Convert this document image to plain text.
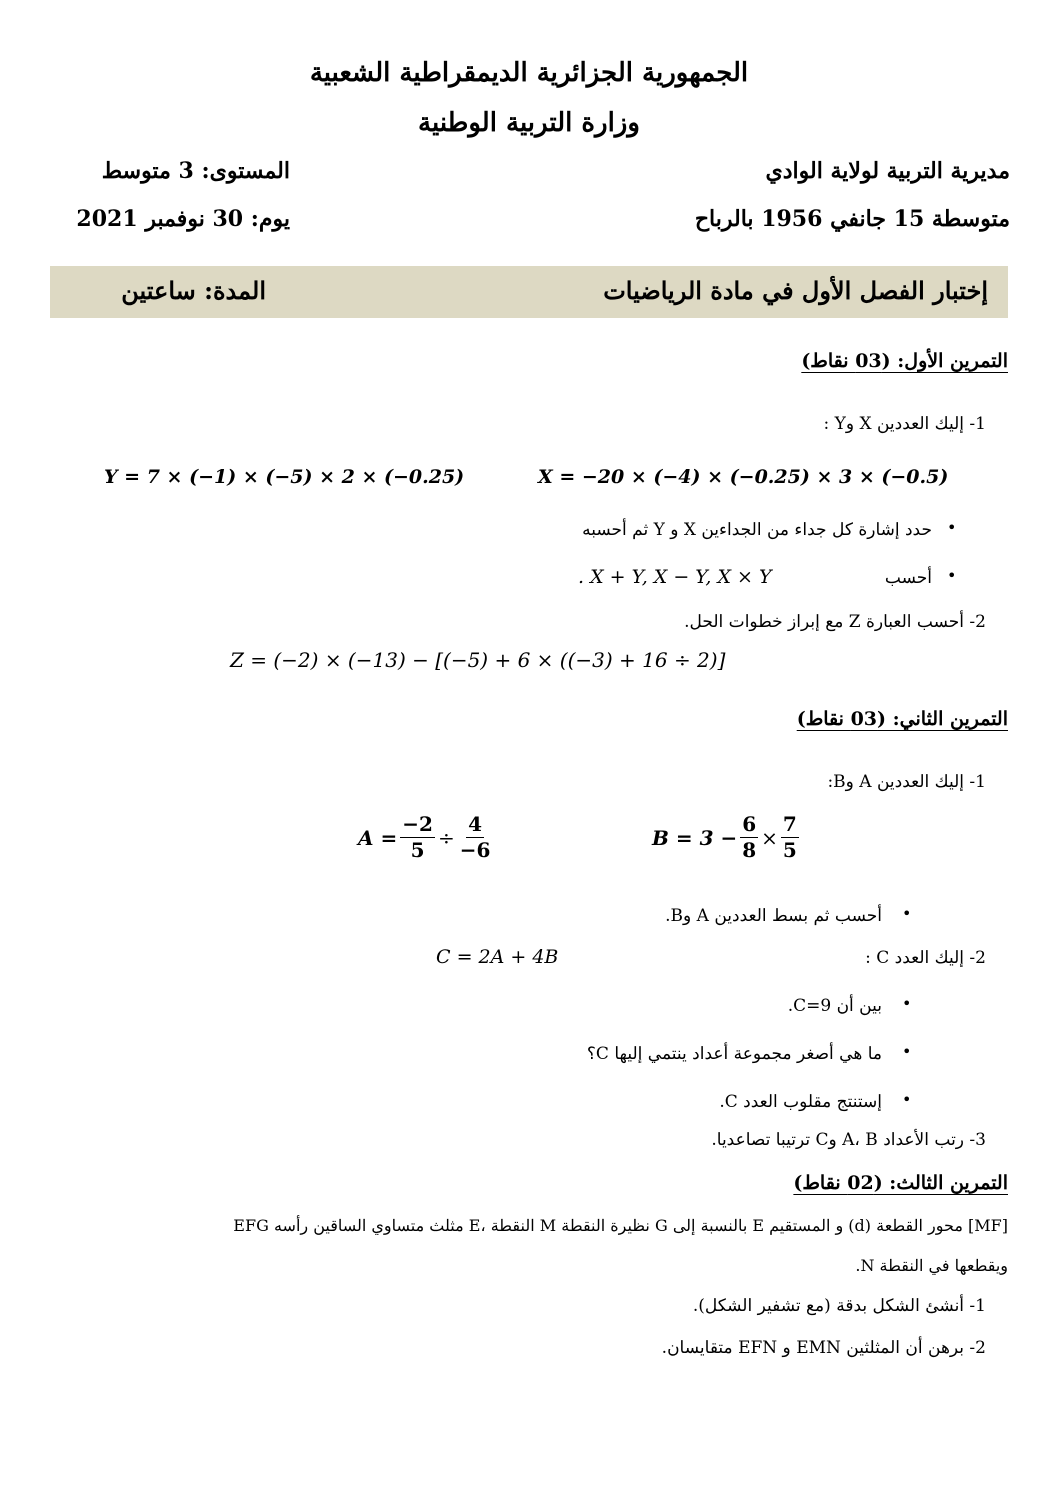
الجمهورية الجزائرية الديمقراطية الشعبية
وزارة التربية الوطنية
مديرية التربية لولاية الوادي
المستوى: 3 متوسط
متوسطة 15 جانفي 1956 بالرباح
يوم: 30 نوفمبر 2021
إختبار الفصل الأول في مادة الرياضيات
المدة: ساعتين
التمرين الأول: (03 نقاط)
1- إليك العددين X وY :
Y = 7 × (−1) × (−5) × 2 × (−0.25)	X = −20 × (−4) × (−0.25) × 3 × (−0.5)
•
حدد إشارة كل جداء من الجداءين X و Y ثم أحسبه
•
أحسب
. X + Y, X − Y, X × Y
2- أحسب العبارة Z مع إبراز خطوات الحل.
Z = (−2) × (−13) − [(−5) + 6 × ((−3) + 16 ÷ 2)]
التمرين الثاني: (03 نقاط)
1- إليك العددين A وB:
$A = \frac{-2}{5} \div \frac{4}{-6}$	$B = 3 - \frac{6}{8} \times \frac{7}{5}$
•
أحسب ثم بسط العددين A وB.
2- إليك العدد C :
C = 2A + 4B
•
بين أن C=9.
•
ما هي أصغر مجموعة أعداد ينتمي إليها C؟
•
إستنتج مقلوب العدد C.
3- رتب الأعداد A، B وC ترتيبا تصاعديا.
التمرين الثالث: (02 نقاط)
EFG مثلث متساوي الساقين رأسه E، النقطة M نظيرة النقطة G بالنسبة إلى E و المستقيم (d) محور القطعة [MF]
ويقطعها في النقطة N.
1- أنشئ الشكل بدقة (مع تشفير الشكل).
2- برهن أن المثلثين EMN و EFN متقايسان.
